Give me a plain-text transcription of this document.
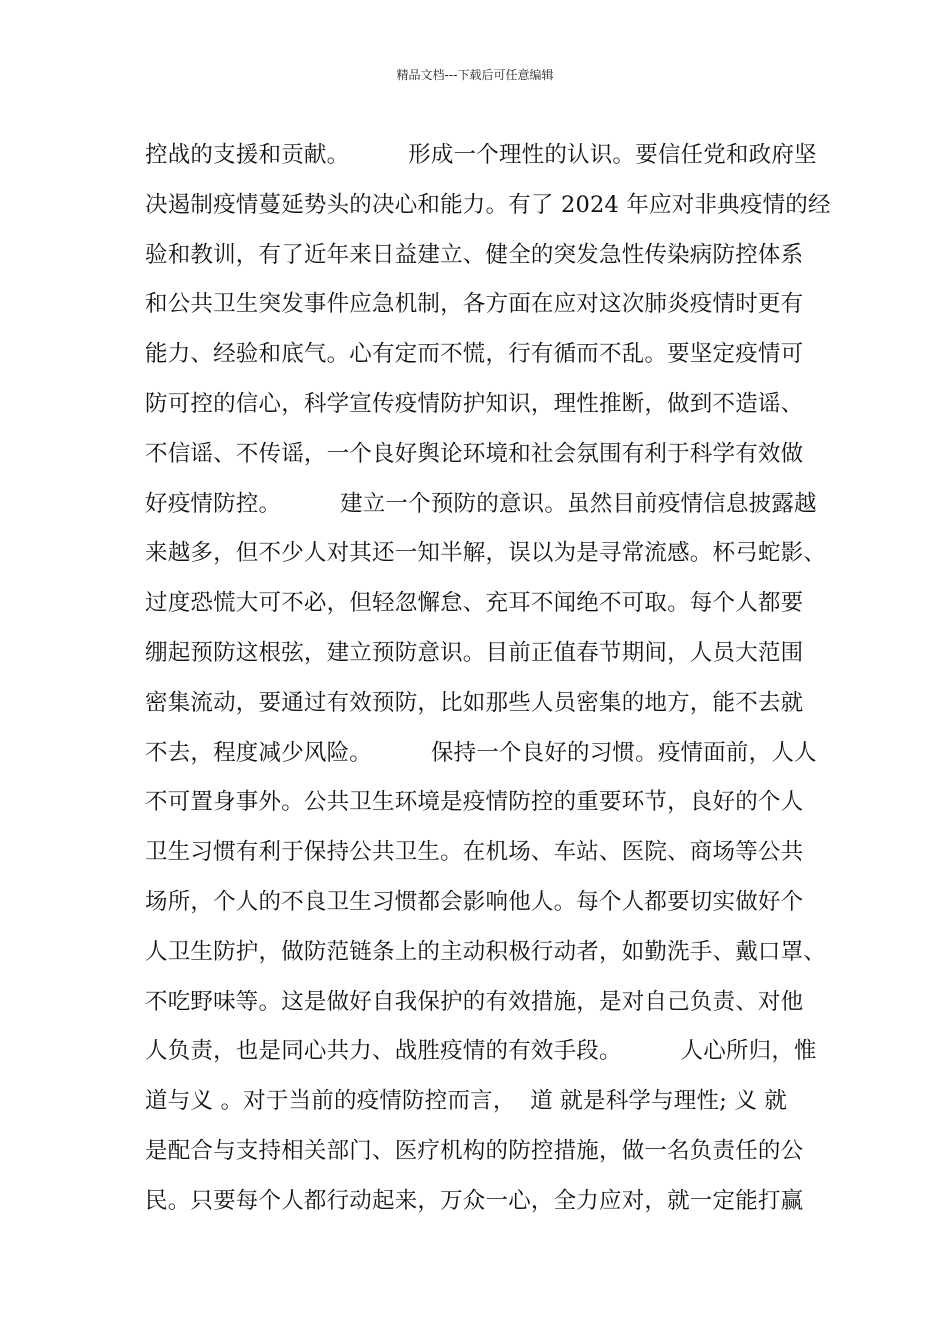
精品文档---下载后可任意编辑
控战的支援和贡献。        形成一个理性的认识。要信任党和政府坚
决遏制疫情蔓延势头的决心和能力。有了 2024 年应对非典疫情的经
验和教训，有了近年来日益建立、健全的突发急性传染病防控体系
和公共卫生突发事件应急机制，各方面在应对这次肺炎疫情时更有
能力、经验和底气。心有定而不慌，行有循而不乱。要坚定疫情可
防可控的信心，科学宣传疫情防护知识，理性推断，做到不造谣、
不信谣、不传谣，一个良好舆论环境和社会氛围有利于科学有效做
好疫情防控。        建立一个预防的意识。虽然目前疫情信息披露越
来越多，但不少人对其还一知半解，误以为是寻常流感。杯弓蛇影、
过度恐慌大可不必，但轻忽懈怠、充耳不闻绝不可取。每个人都要
绷起预防这根弦，建立预防意识。目前正值春节期间，人员大范围
密集流动，要通过有效预防，比如那些人员密集的地方，能不去就
不去，程度减少风险。        保持一个良好的习惯。疫情面前，人人
不可置身事外。公共卫生环境是疫情防控的重要环节，良好的个人
卫生习惯有利于保持公共卫生。在机场、车站、医院、商场等公共
场所，个人的不良卫生习惯都会影响他人。每个人都要切实做好个
人卫生防护，做防范链条上的主动积极行动者，如勤洗手、戴口罩、
不吃野味等。这是做好自我保护的有效措施，是对自己负责、对他
人负责，也是同心共力、战胜疫情的有效手段。        人心所归，惟
道与义 。对于当前的疫情防控而言，  道 就是科学与理性; 义 就
是配合与支持相关部门、医疗机构的防控措施，做一名负责任的公
民。只要每个人都行动起来，万众一心，全力应对，就一定能打赢
